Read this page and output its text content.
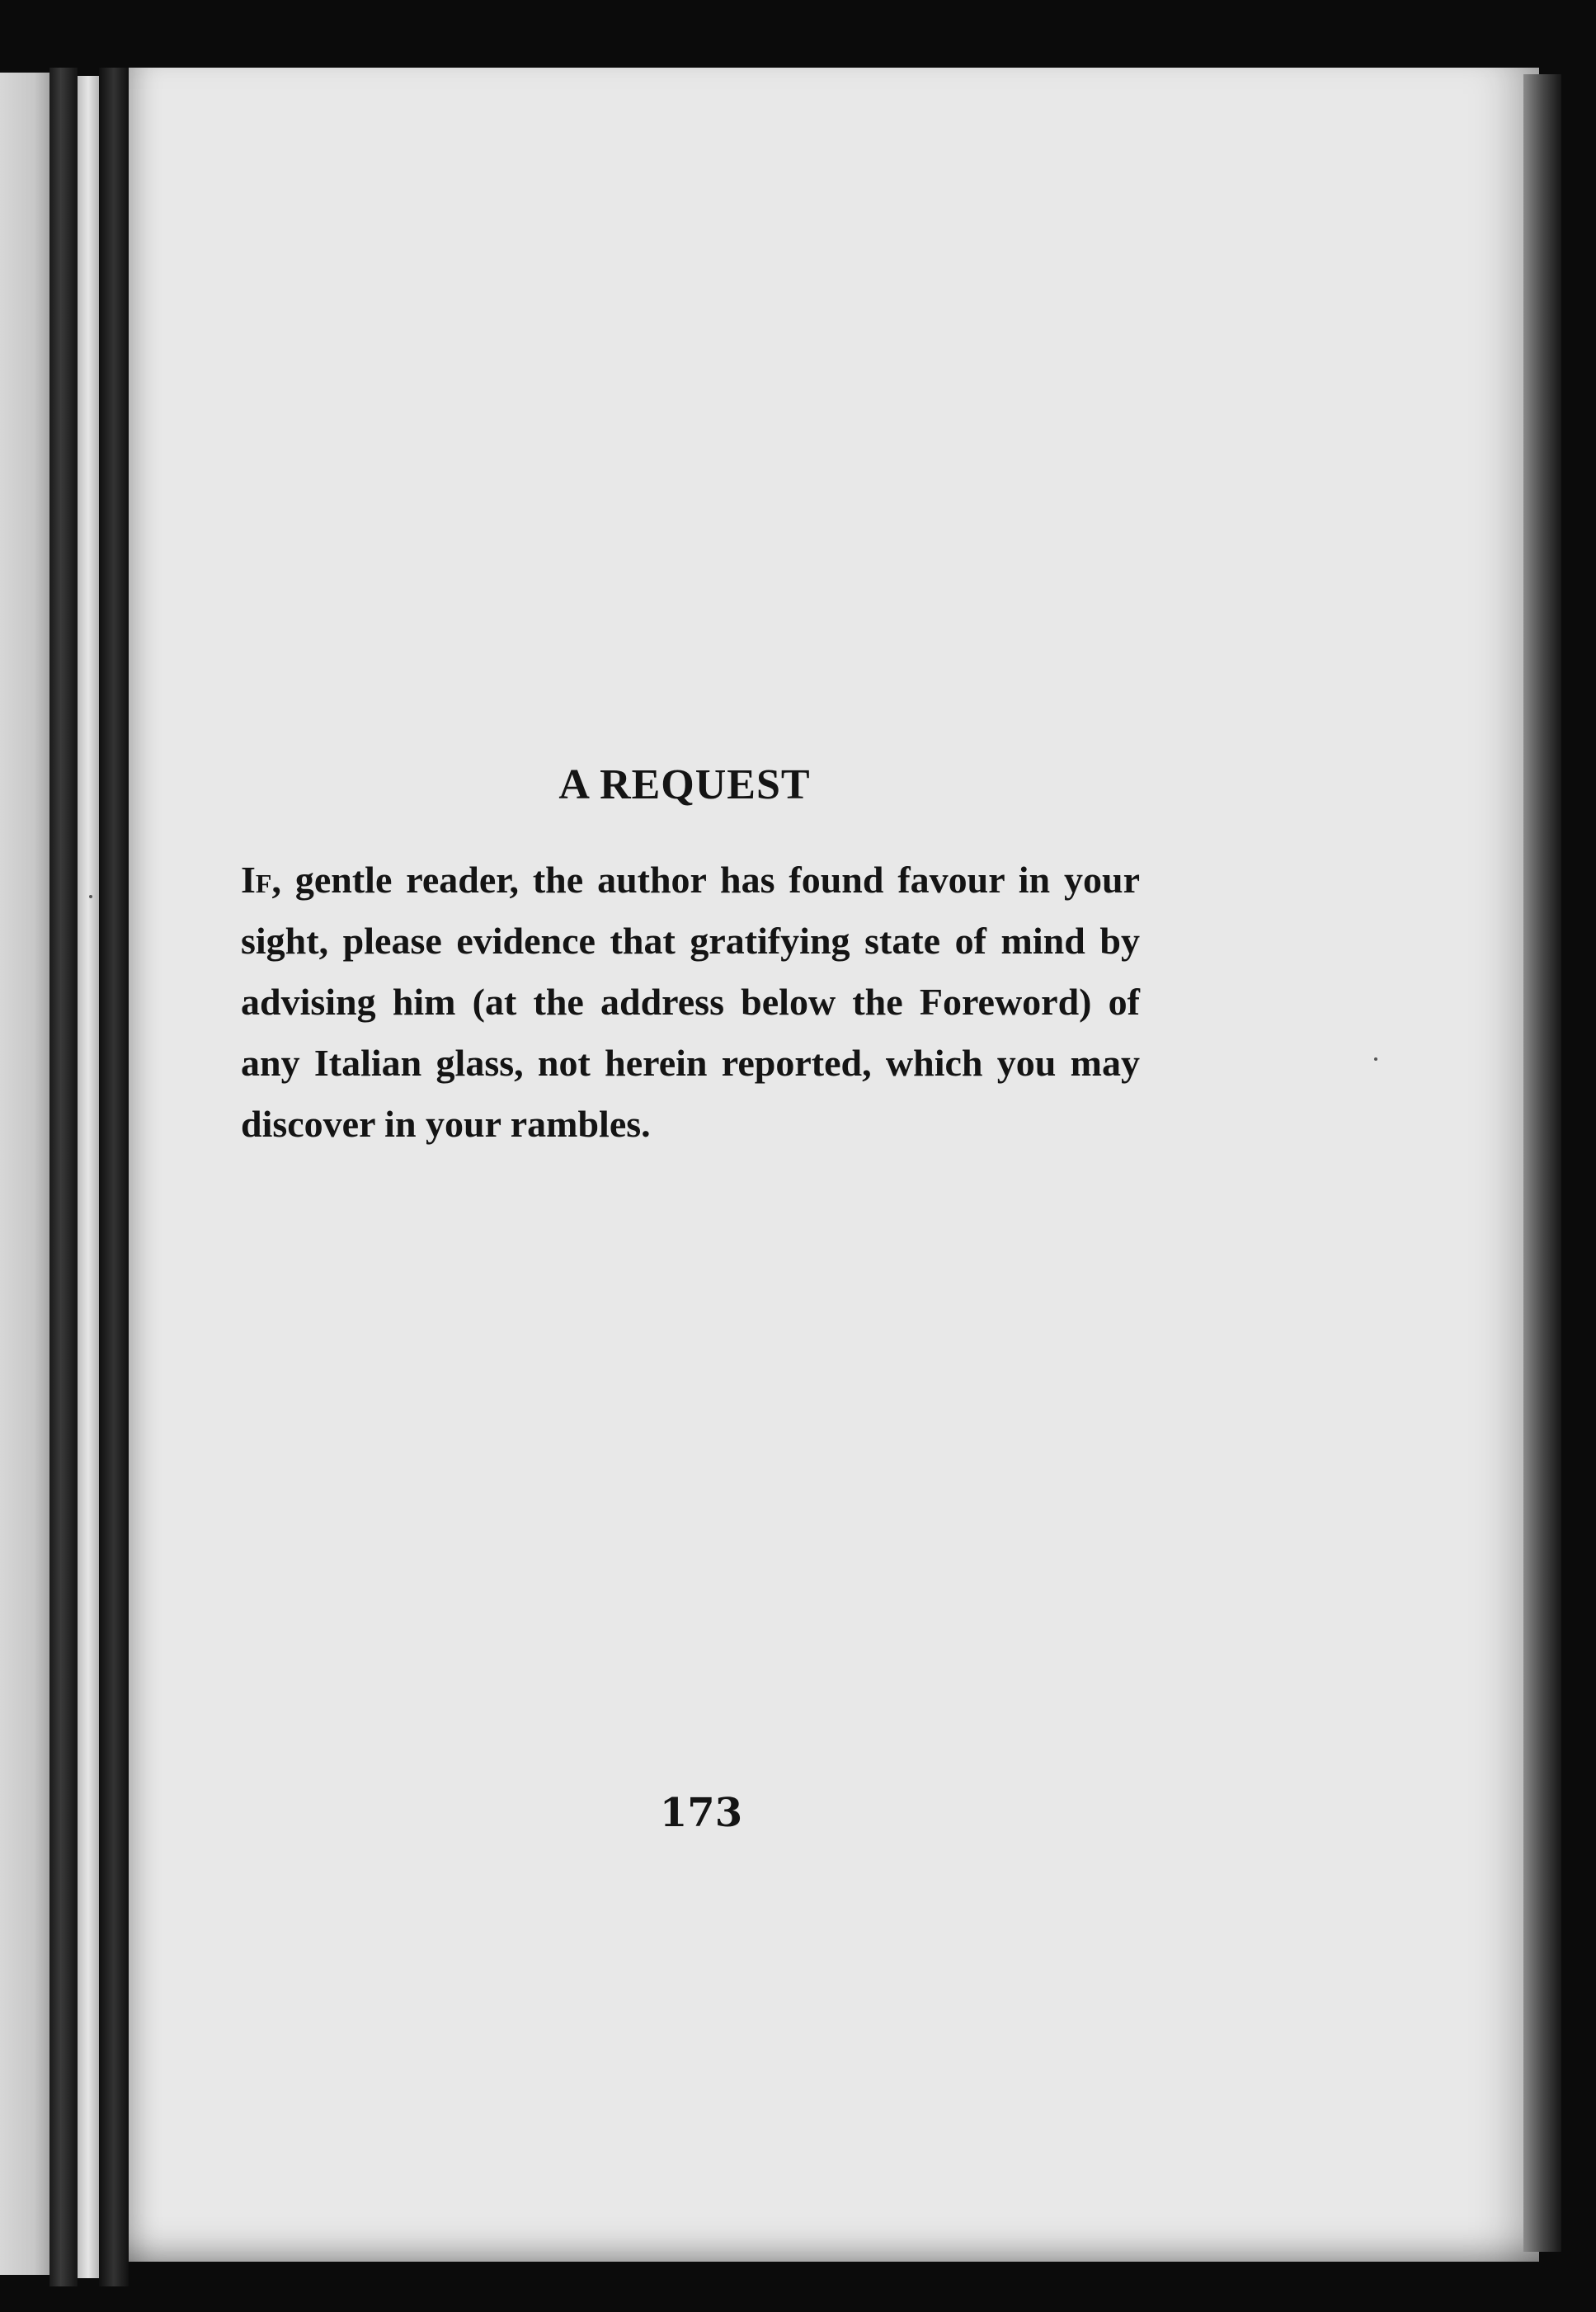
A REQUEST

If, gentle reader, the author has found favour in your sight, please evidence that gratifying state of mind by advising him (at the address below the Foreword) of any Italian glass, not herein reported, which you may discover in your rambles.

173
